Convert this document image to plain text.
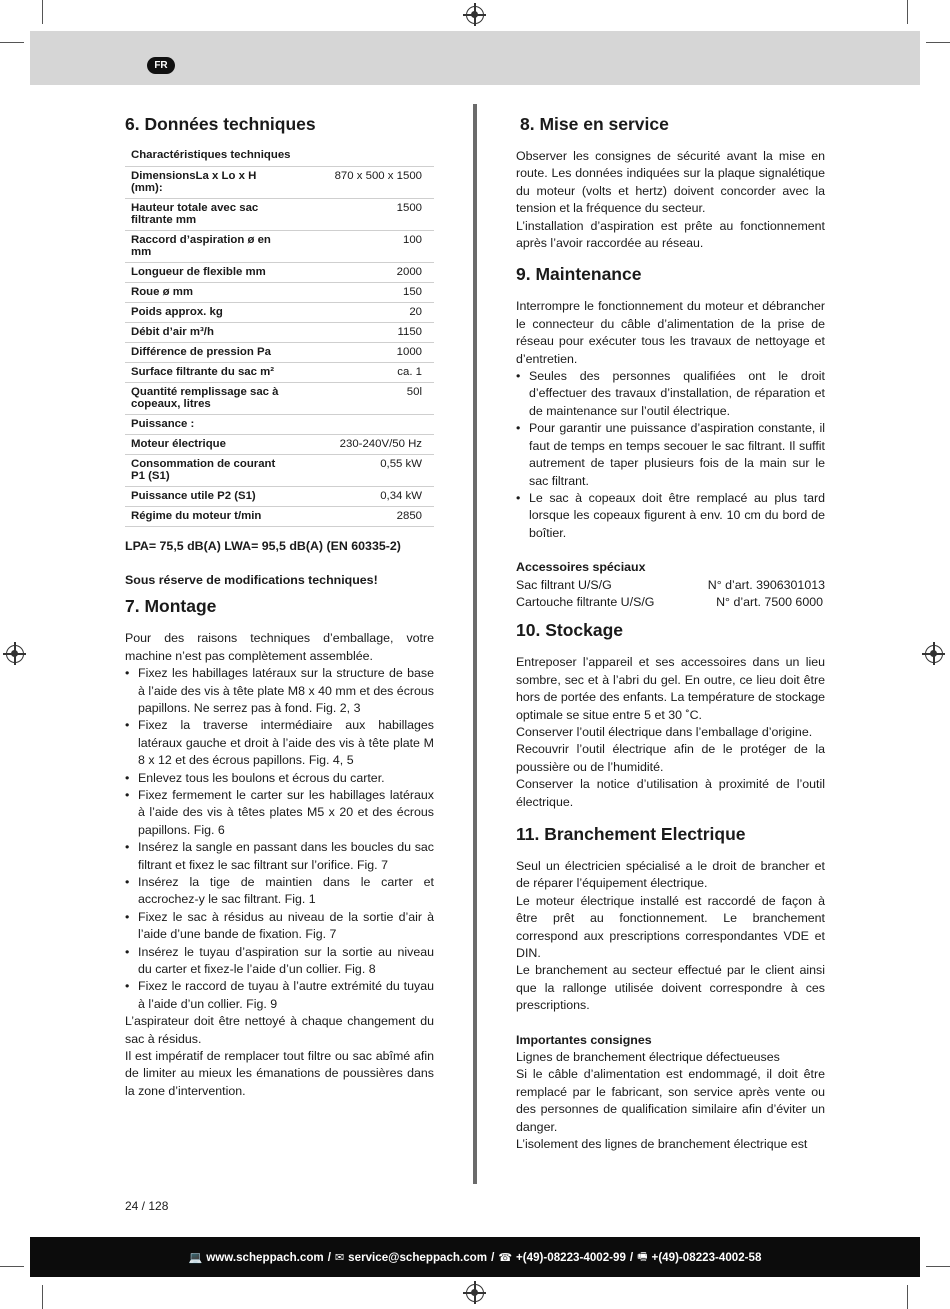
FR
6. Données techniques
Charactéristiques techniques	
DimensionsLa x Lo x H (mm):	870 x 500 x 1500
Hauteur totale avec sac filtrante mm	1500
Raccord d’aspiration ø en mm	100
Longueur de flexible mm	2000
Roue ø mm	150
Poids approx. kg	20
Débit d’air m³/h	1150
Différence de pression Pa	1000
Surface filtrante du sac m²	ca. 1
Quantité remplissage sac à copeaux, litres	50l
Puissance :	
Moteur électrique	230-240V/50 Hz
Consommation de courant P1 (S1)	0,55 kW
Puissance utile P2 (S1)	0,34 kW
Régime du moteur t/min	2850

LPA= 75,5 dB(A) LWA= 95,5 dB(A) (EN 60335-2)

Sous réserve de modifications techniques!

7. Montage

Pour des raisons techniques d’emballage, votre machine n’est pas complètement assemblée.

• Fixez les habillages latéraux sur la structure de base à l’aide des vis à tête plate M8 x 40 mm et des écrous papillons. Ne serrez pas à fond. Fig. 2, 3
• Fixez la traverse intermédiaire aux habillages latéraux gauche et droit à l’aide des vis à tête plate M 8 x 12 et des écrous papillons. Fig. 4, 5
• Enlevez tous les boulons et écrous du carter.
• Fixez fermement le carter sur les habillages latéraux à l’aide des vis à têtes plates M5 x 20 et des écrous papillons. Fig. 6
• Insérez la sangle en passant dans les boucles du sac filtrant et fixez le sac filtrant sur l’orifice. Fig. 7
• Insérez la tige de maintien dans le carter et accrochez-y le sac filtrant. Fig. 1
• Fixez le sac à résidus au niveau de la sortie d’air à l’aide d’une bande de fixation. Fig. 7
• Insérez le tuyau d’aspiration sur la sortie au niveau du carter et fixez-le l’aide d’un collier. Fig. 8
• Fixez le raccord de tuyau à l’autre extrémité du tuyau à l’aide d’un collier. Fig. 9

L’aspirateur doit être nettoyé à chaque changement du sac à résidus.

Il est impératif de remplacer tout filtre ou sac abîmé afin de limiter au mieux les émanations de poussières dans la zone d’intervention.

8. Mise en service

Observer les consignes de sécurité avant la mise en route. Les données indiquées sur la plaque signalétique du moteur (volts et hertz) doivent concorder avec la tension et la fréquence du secteur.

L’installation d’aspiration est prête au fonctionnement après l’avoir raccordée au réseau.

9. Maintenance

Interrompre le fonctionnement du moteur et débrancher le connecteur du câble d’alimentation de la prise de réseau pour exécuter tous les travaux de nettoyage et d’entretien.

• Seules des personnes qualifiées ont le droit d’effectuer des travaux d’installation, de réparation et de maintenance sur l’outil électrique.
• Pour garantir une puissance d’aspiration constante, il faut de temps en temps secouer le sac filtrant. Il suffit autrement de taper plusieurs fois de la main sur le sac filtrant.
• Le sac à copeaux doit être remplacé au plus tard lorsque les copeaux figurent à env. 10 cm du bord de boîtier.

Accessoires spéciaux

Sac filtrant U/S/G	N° d’art. 3906301013
Cartouche filtrante U/S/G	N° d’art. 7500 6000
10. Stockage

Entreposer l’appareil et ses accessoires dans un lieu sombre, sec et à l’abri du gel. En outre, ce lieu doit être hors de portée des enfants. La température de stockage optimale se situe entre 5 et 30 ˚C.

Conserver l’outil électrique dans l’emballage d’origine.

Recouvrir l’outil électrique afin de le protéger de la poussière ou de l’humidité.

Conserver la notice d’utilisation à proximité de l’outil électrique.

11. Branchement Electrique

Seul un électricien spécialisé a le droit de brancher et de réparer l’équipement électrique.

Le moteur électrique installé est raccordé de façon à être prêt au fonctionnement. Le branchement correspond aux prescriptions correspondantes VDE et DIN.

Le branchement au secteur effectué par le client ainsi que la rallonge utilisée doivent correspondre à ces prescriptions.

Importantes consignes

Lignes de branchement électrique défectueuses

Si le câble d’alimentation est endommagé, il doit être remplacé par le fabricant, son service après vente ou des personnes de qualification similaire afin d’éviter un danger.

L’isolement des lignes de branchement électrique est

24 / 128
💻 www.scheppach.com / ✉ service@scheppach.com / ☎ +(49)-08223-4002-99 / 🖷 +(49)-08223-4002-58
